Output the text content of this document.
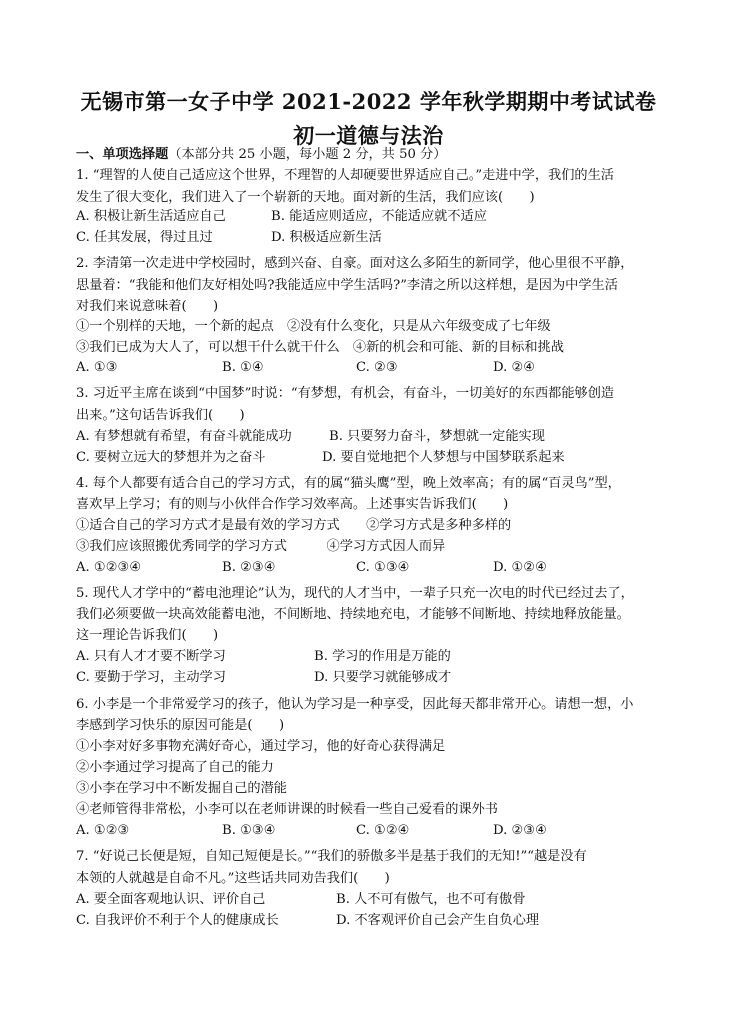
无锡市第一女子中学 2021-2022 学年秋学期期中考试试卷
初一道德与法治
一、单项选择题（本部分共 25 小题，每小题 2 分，共 50 分）
1. “理智的人使自己适应这个世界，不理智的人却硬要世界适应自己。”走进中学，我们的生活
发生了很大变化，我们进入了一个崭新的天地。面对新的生活，我们应该(　　)
A. 积极让新生活适应自己	B. 能适应则适应，不能适应就不适应
C. 任其发展，得过且过	D. 积极适应新生活
2. 李清第一次走进中学校园时，感到兴奋、自豪。面对这么多陌生的新同学，他心里很不平静，
思量着：“我能和他们友好相处吗?我能适应中学生活吗?”李清之所以这样想，是因为中学生活
对我们来说意味着(　　)
①一个别样的天地，一个新的起点　②没有什么变化，只是从六年级变成了七年级
③我们已成为大人了，可以想干什么就干什么　④新的机会和可能、新的目标和挑战
A. ①③	B. ①④	C. ②③	D. ②④
3. 习近平主席在谈到“中国梦”时说：“有梦想，有机会，有奋斗，一切美好的东西都能够创造
出来。”这句话告诉我们(　　)
A. 有梦想就有希望，有奋斗就能成功	B. 只要努力奋斗，梦想就一定能实现
C. 要树立远大的梦想并为之奋斗	D. 要自觉地把个人梦想与中国梦联系起来
4. 每个人都要有适合自己的学习方式，有的属“猫头鹰”型，晚上效率高；有的属“百灵鸟”型，
喜欢早上学习；有的则与小伙伴合作学习效率高。上述事实告诉我们(　　)
①适合自己的学习方式才是最有效的学习方式　　②学习方式是多种多样的
③我们应该照搬优秀同学的学习方式　　　④学习方式因人而异
A. ①②③④	B. ②③④	C. ①③④	D. ①②④
5. 现代人才学中的“蓄电池理论”认为，现代的人才当中，一辈子只充一次电的时代已经过去了，
我们必须要做一块高效能蓄电池，不间断地、持续地充电，才能够不间断地、持续地释放能量。
这一理论告诉我们(　　)
A. 只有人才才要不断学习	B. 学习的作用是万能的
C. 要勤于学习，主动学习	D. 只要学习就能够成才
6. 小李是一个非常爱学习的孩子，他认为学习是一种享受，因此每天都非常开心。请想一想，小
李感到学习快乐的原因可能是(　　)
①小李对好多事物充满好奇心，通过学习，他的好奇心获得满足
②小李通过学习提高了自己的能力
③小李在学习中不断发掘自己的潜能
④老师管得非常松，小李可以在老师讲课的时候看一些自己爱看的课外书
A. ①②③	B. ①③④	C. ①②④	D. ②③④
7. “好说己长便是短，自知己短便是长。”“我们的骄傲多半是基于我们的无知!”“越是没有
本领的人就越是自命不凡。”这些话共同劝告我们(　　)
A. 要全面客观地认识、评价自己	B. 人不可有傲气，也不可有傲骨
C. 自我评价不利于个人的健康成长	D. 不客观评价自己会产生自负心理
